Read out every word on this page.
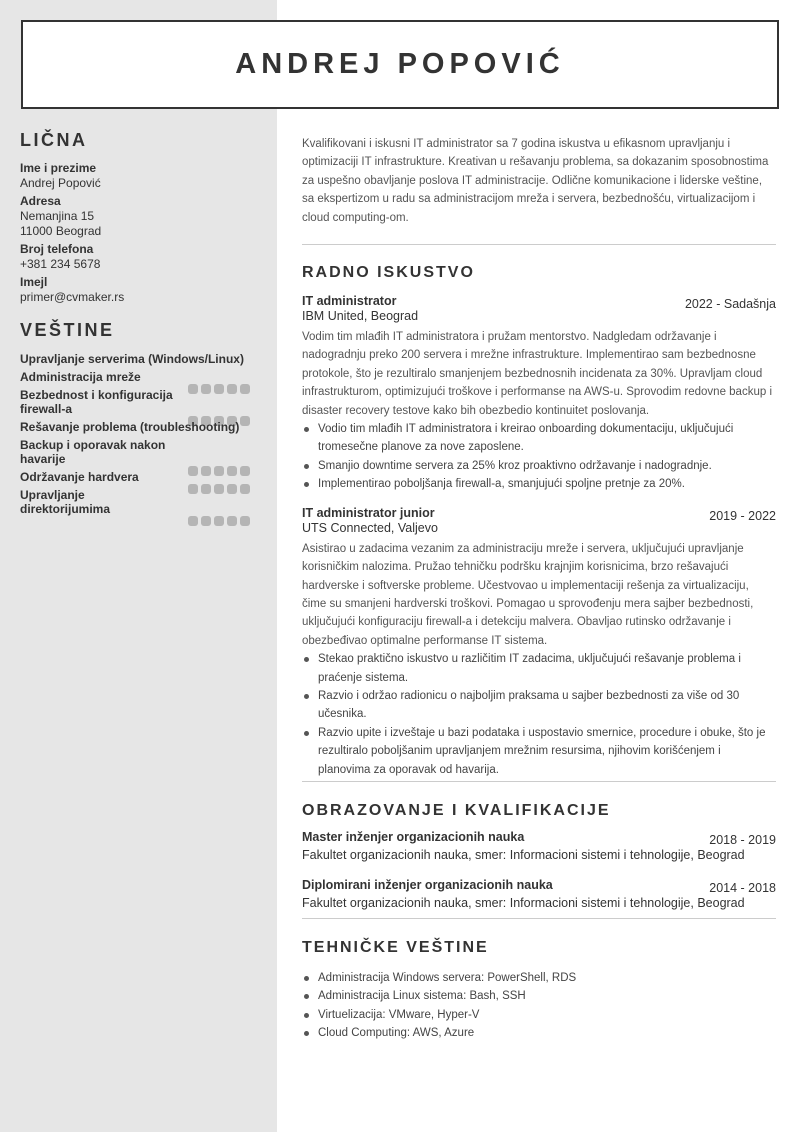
ANDREJ POPOVIĆ
LIČNA
Ime i prezime
Andrej Popović
Adresa
Nemanjina 15
11000 Beograd
Broj telefona
+381 234 5678
Imejl
primer@cvmaker.rs
VEŠTINE
Upravljanje serverima (Windows/Linux)
Administracija mreže
Bezbednost i konfiguracija firewall-a
Rešavanje problema (troubleshooting)
Backup i oporavak nakon havarije
Održavanje hardvera
Upravljanje direktorijumima

Kvalifikovani i iskusni IT administrator sa 7 godina iskustva u efikasnom upravljanju i optimizaciji IT infrastrukture. Kreativan u rešavanju problema, sa dokazanim sposobnostima za uspešno obavljanje poslova IT administracije. Odlične komunikacione i liderske veštine, sa ekspertizom u radu sa administracijom mreža i servera, bezbednošću, virtualizacijom i cloud computing-om.

RADNO ISKUSTVO
IT administrator
IBM United, Beograd
2022 - Sadašnja

Vodim tim mlađih IT administratora i pružam mentorstvo. Nadgledam održavanje i nadogradnju preko 200 servera i mrežne infrastrukture. Implementirao sam bezbednosne protokole, što je rezultiralo smanjenjem bezbednosnih incidenata za 30%. Upravljam cloud infrastrukturom, optimizujući troškove i performanse na AWS-u. Sprovodim redovne backup i disaster recovery testove kako bih obezbedio kontinuitet poslovanja.

Vodio tim mlađih IT administratora i kreirao onboarding dokumentaciju, uključujući tromesečne planove za nove zaposlene.
Smanjio downtime servera za 25% kroz proaktivno održavanje i nadogradnje.
Implementirao poboljšanja firewall-a, smanjujući spoljne pretnje za 20%.
IT administrator junior
UTS Connected, Valjevo
2019 - 2022

Asistirao u zadacima vezanim za administraciju mreže i servera, uključujući upravljanje korisničkim nalozima. Pružao tehničku podršku krajnjim korisnicima, brzo rešavajući hardverske i softverske probleme. Učestvovao u implementaciji rešenja za virtualizaciju, čime su smanjeni hardverski troškovi. Pomagao u sprovođenju mera sajber bezbednosti, uključujući konfiguraciju firewall-a i detekciju malvera. Obavljao rutinsko održavanje i obezbeđivao optimalne performanse IT sistema.

Stekao praktično iskustvo u različitim IT zadacima, uključujući rešavanje problema i praćenje sistema.
Razvio i održao radionicu o najboljim praksama u sajber bezbednosti za više od 30 učesnika.
Razvio upite i izveštaje u bazi podataka i uspostavio smernice, procedure i obuke, što je rezultiralo poboljšanim upravljanjem mrežnim resursima, njihovim korišćenjem i planovima za oporavak od havarija.
OBRAZOVANJE I KVALIFIKACIJE
Master inženjer organizacionih nauka	2018 - 2019
Fakultet organizacionih nauka, smer: Informacioni sistemi i tehnologije, Beograd
Diplomirani inženjer organizacionih nauka	2014 - 2018
Fakultet organizacionih nauka, smer: Informacioni sistemi i tehnologije, Beograd
TEHNIČKE VEŠTINE
Administracija Windows servera: PowerShell, RDS
Administracija Linux sistema: Bash, SSH
Virtuelizacija: VMware, Hyper-V
Cloud Computing: AWS, Azure
